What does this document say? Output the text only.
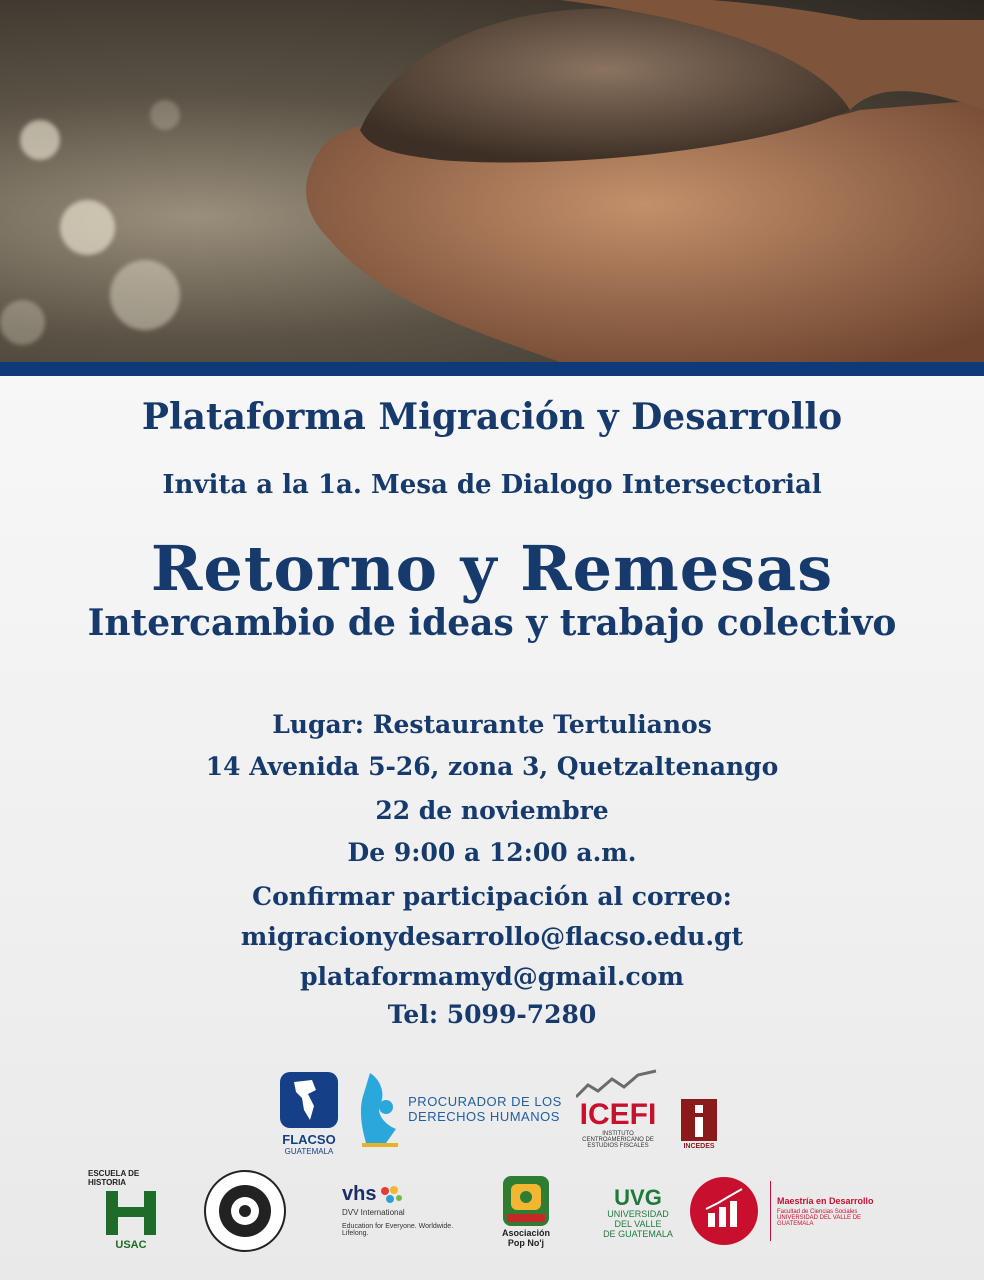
Plataforma Migración y Desarrollo
Invita a la 1a. Mesa de Dialogo Intersectorial
Retorno y Remesas
Intercambio de ideas y trabajo colectivo
Lugar: Restaurante Tertulianos
14 Avenida 5-26, zona 3, Quetzaltenango
22 de noviembre
De 9:00 a 12:00 a.m.
Confirmar participación al correo:
migracionydesarrollo@flacso.edu.gt
plataformamyd@gmail.com
Tel: 5099-7280
FLACSO
GUATEMALA
PROCURADOR DE LOS
DERECHOS HUMANOS ICEFI
INSTITUTO CENTROAMERICANO DE ESTUDIOS FISCALES	INCEDES
ESCUELA DE HISTORIA
USAC
vhs
DVV International
Education for Everyone. Worldwide. Lifelong.	Asociación Pop No'j
UVG
UNIVERSIDAD
DEL VALLE
DE GUATEMALA
Maestría en Desarrollo
Facultad de Ciencias Sociales UNIVERSIDAD DEL VALLE DE GUATEMALA
